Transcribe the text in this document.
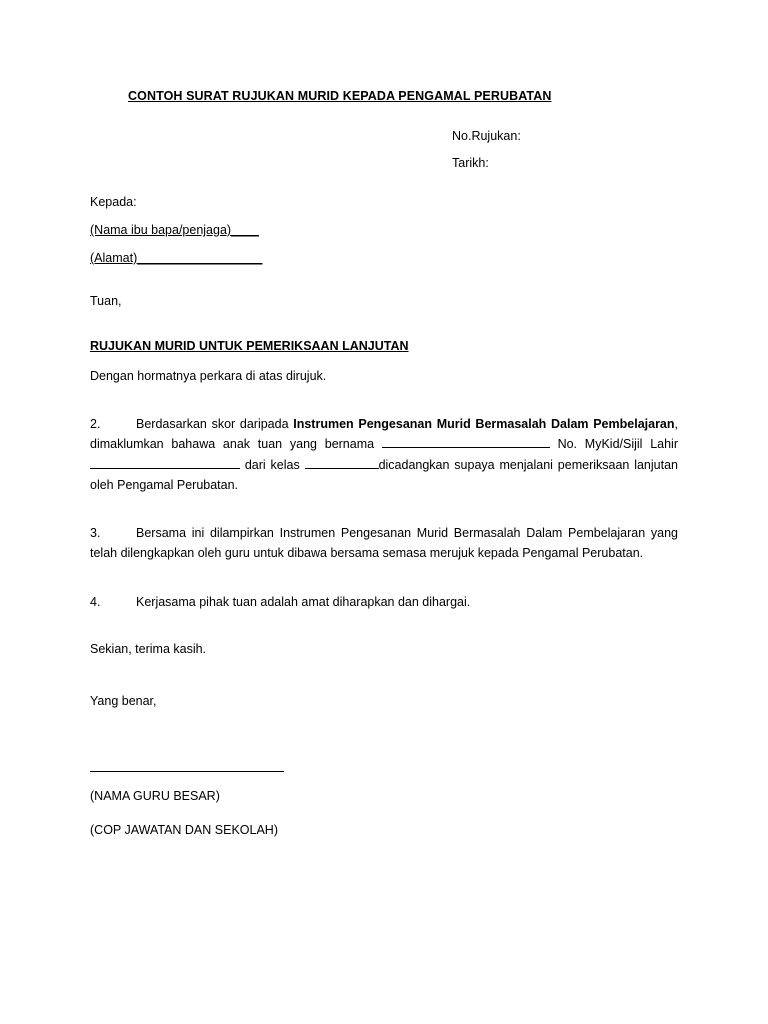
CONTOH SURAT RUJUKAN MURID KEPADA PENGAMAL PERUBATAN
No.Rujukan:
Tarikh:
Kepada:
(Nama ibu bapa/penjaga)____
(Alamat)__________________
Tuan,
RUJUKAN MURID UNTUK PEMERIKSAAN LANJUTAN
Dengan hormatnya perkara di atas dirujuk.
2.	Berdasarkan skor daripada Instrumen Pengesanan Murid Bermasalah Dalam Pembelajaran, dimaklumkan bahawa anak tuan yang bernama	No. MyKid/Sijil Lahir  dari kelas	dicadangkan supaya menjalani pemeriksaan lanjutan oleh Pengamal Perubatan.
3.	Bersama ini dilampirkan Instrumen Pengesanan Murid Bermasalah Dalam Pembelajaran yang telah dilengkapkan oleh guru untuk dibawa bersama semasa merujuk kepada Pengamal Perubatan.
4.	Kerjasama pihak tuan adalah amat diharapkan dan dihargai.
Sekian, terima kasih.
Yang benar,
(NAMA GURU BESAR)
(COP JAWATAN DAN SEKOLAH)
